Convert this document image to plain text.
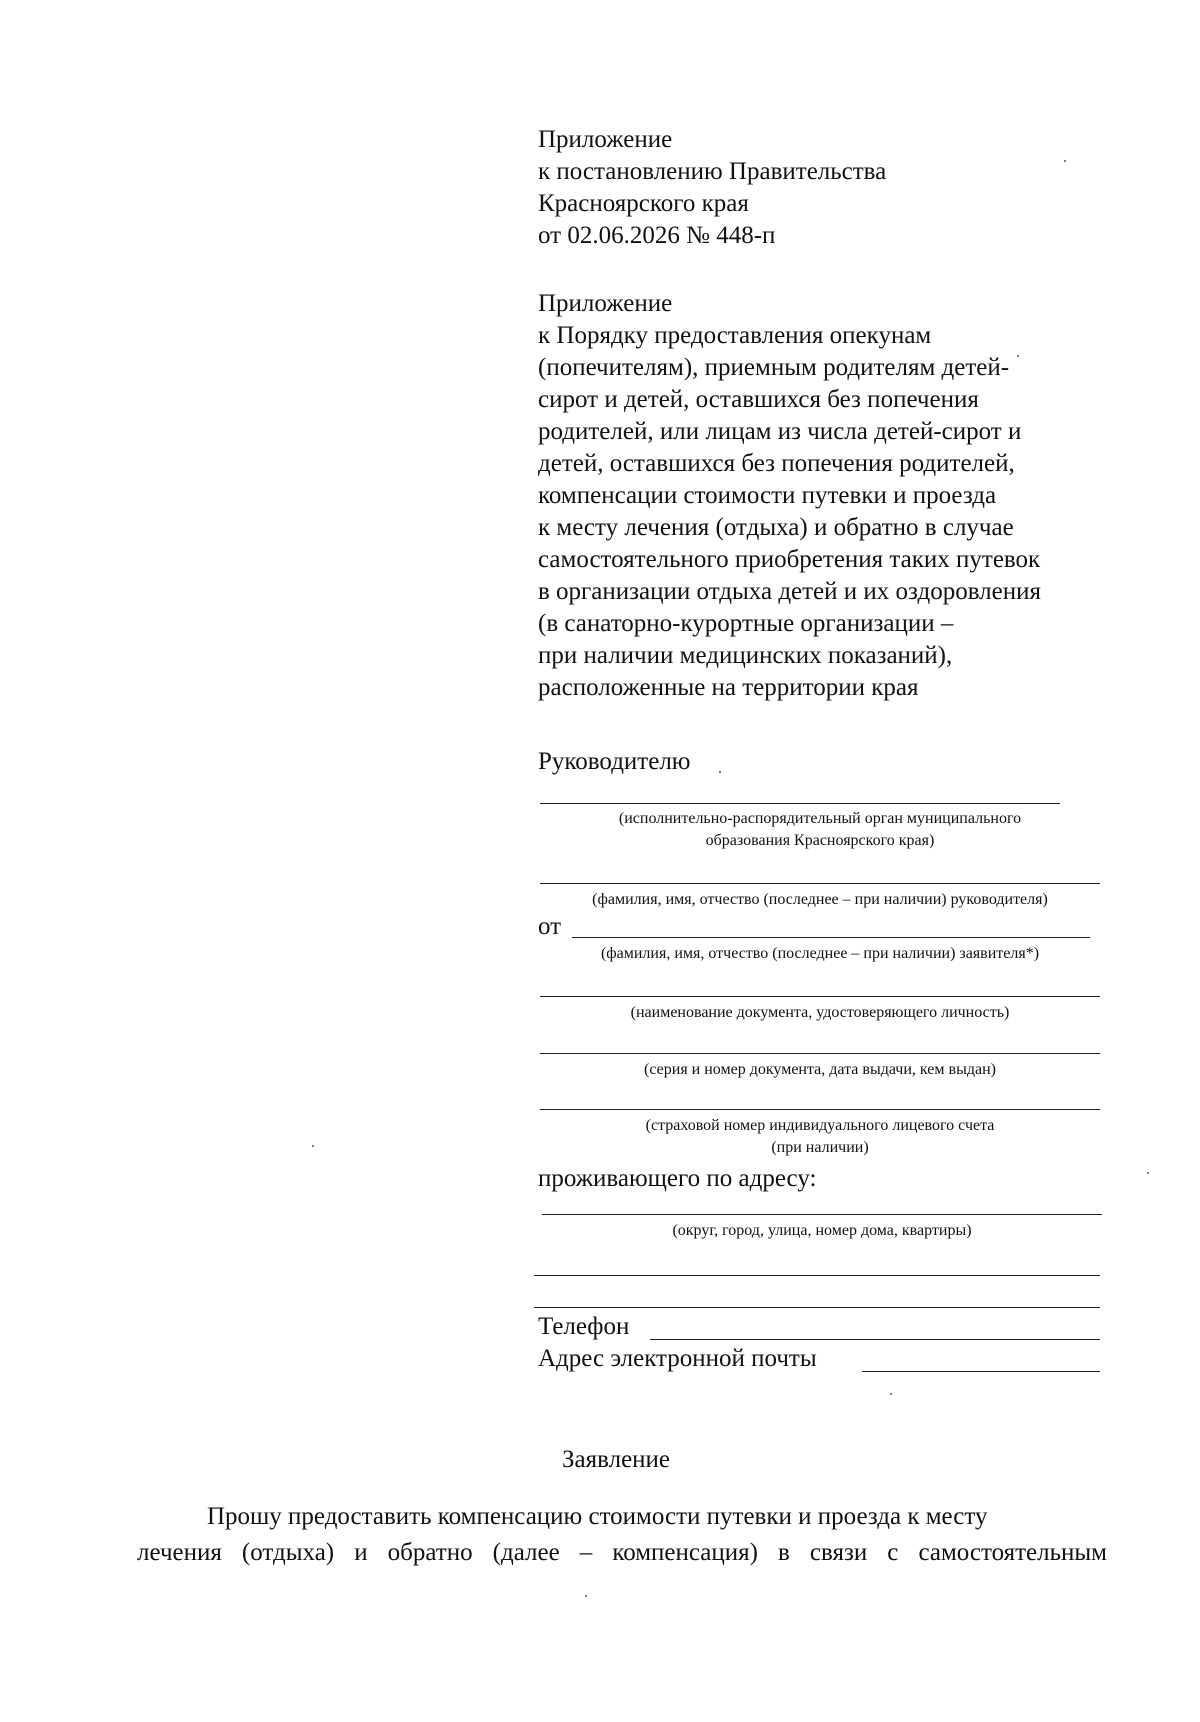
Приложение
к постановлению Правительства
Красноярского края
от 02.06.2026 № 448-п
Приложение
к Порядку предоставления опекунам
(попечителям), приемным родителям детей-
сирот и детей, оставшихся без попечения
родителей, или лицам из числа детей-сирот и
детей, оставшихся без попечения родителей,
компенсации стоимости путевки и проезда
к месту лечения (отдыха) и обратно в случае
самостоятельного приобретения таких путевок
в организации отдыха детей и их оздоровления
(в санаторно-курортные организации –
при наличии медицинских показаний),
расположенные на территории края
Руководителю
(исполнительно-распорядительный орган муниципального
образования Красноярского края)
(фамилия, имя, отчество (последнее – при наличии) руководителя)
от
(фамилия, имя, отчество (последнее – при наличии) заявителя*)
(наименование документа, удостоверяющего личность)
(серия и номер документа, дата выдачи, кем выдан)
(страховой номер индивидуального лицевого счета
(при наличии)
проживающего по адресу:
(округ, город, улица, номер дома, квартиры)
Телефон
Адрес электронной почты
Заявление
Прошу предоставить компенсацию стоимости путевки и проезда к месту
лечения (отдыха) и обратно (далее – компенсация) в связи с самостоятельным
